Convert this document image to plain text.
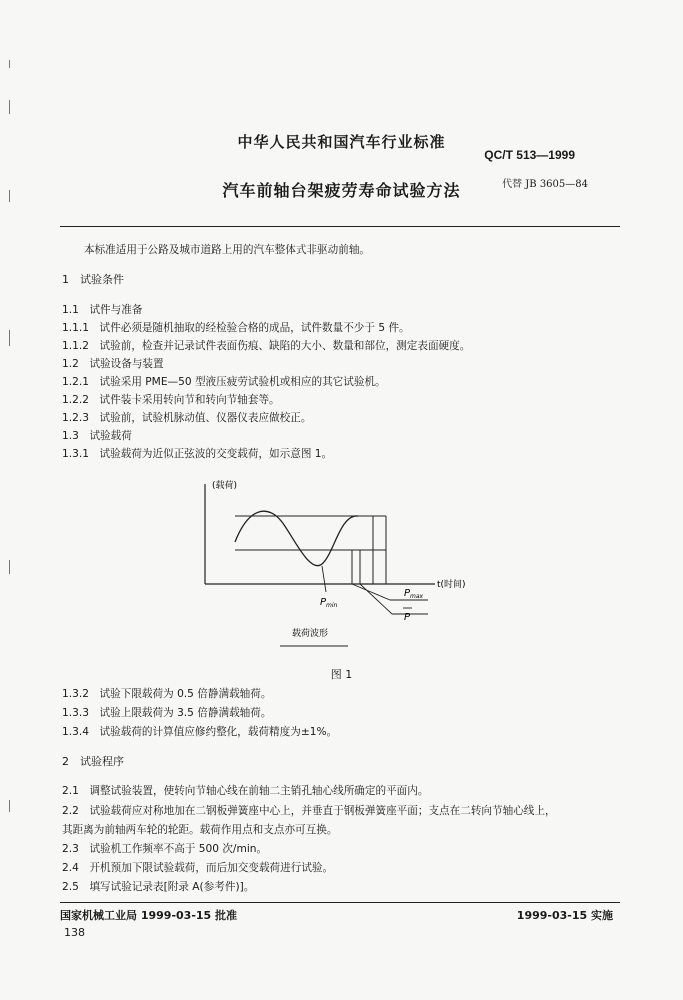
中华人民共和国汽车行业标准
QC/T 513—1999
汽车前轴台架疲劳寿命试验方法	代替 JB 3605—84
本标准适用于公路及城市道路上用的汽车整体式非驱动前轴。
1　试验条件
1.1　试件与准备
1.1.1　试件必须是随机抽取的经检验合格的成品，试件数量不少于 5 件。
1.1.2　试验前，检查并记录试件表面伤痕、缺陷的大小、数量和部位，测定表面硬度。
1.2　试验设备与装置
1.2.1　试验采用 PME—50 型液压疲劳试验机或相应的其它试验机。
1.2.2　试件装卡采用转向节和转向节轴套等。
1.2.3　试验前，试验机脉动值、仪器仪表应做校正。
1.3　试验载荷
1.3.1　试验载荷为近似正弦波的交变载荷，如示意图 1。
(载荷)
t(时间)
$P_{min}$
$P_{max}$
P
载荷波形
图 1
1.3.2　试验下限载荷为 0.5 倍静满载轴荷。
1.3.3　试验上限载荷为 3.5 倍静满载轴荷。
1.3.4　试验载荷的计算值应修约整化，载荷精度为±1%。
2　试验程序
2.1　调整试验装置，使转向节轴心线在前轴二主销孔轴心线所确定的平面内。
2.2　试验载荷应对称地加在二钢板弹簧座中心上，并垂直于钢板弹簧座平面；支点在二转向节轴心线上，
其距离为前轴两车轮的轮距。载荷作用点和支点亦可互换。
2.3　试验机工作频率不高于 500 次/min。
2.4　开机预加下限试验载荷，而后加交变载荷进行试验。
2.5　填写试验记录表[附录 A(参考件)]。
国家机械工业局 1999-03-15 批准	1999-03-15 实施
138
